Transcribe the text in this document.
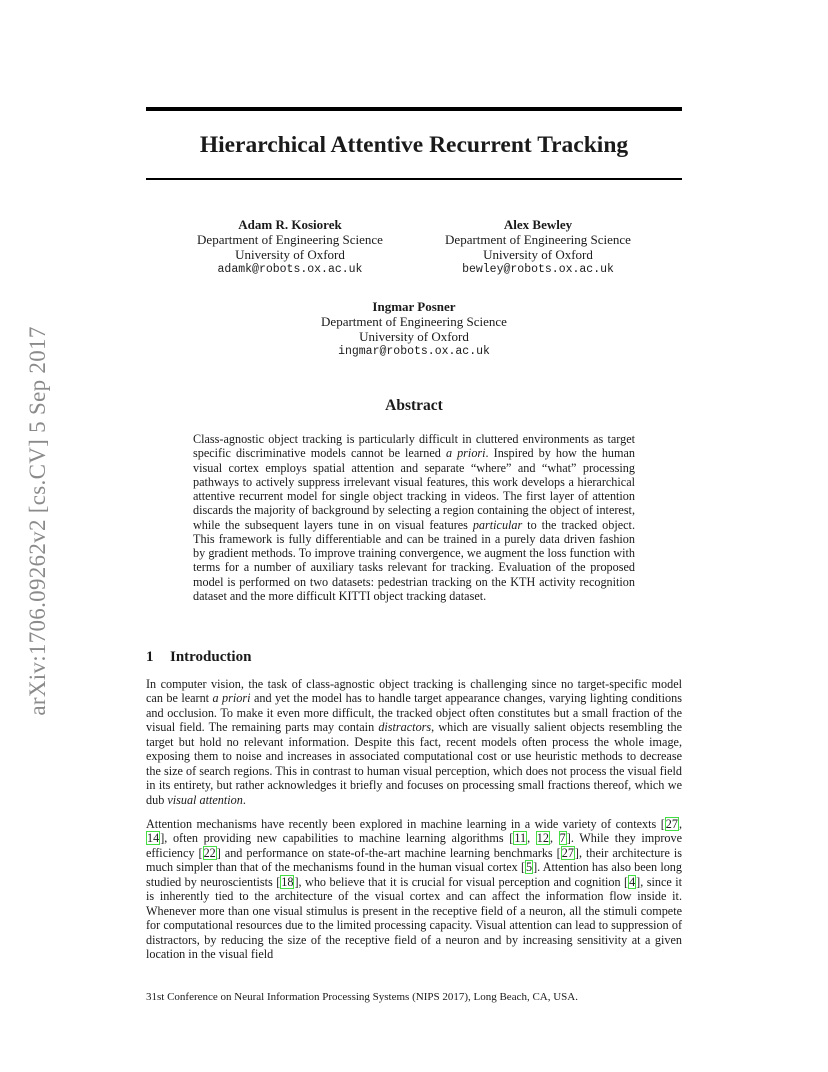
arXiv:1706.09262v2 [cs.CV] 5 Sep 2017
Hierarchical Attentive Recurrent Tracking
Adam R. Kosiorek
Department of Engineering Science
University of Oxford
adamk@robots.ox.ac.uk
Alex Bewley
Department of Engineering Science
University of Oxford
bewley@robots.ox.ac.uk
Ingmar Posner
Department of Engineering Science
University of Oxford
ingmar@robots.ox.ac.uk
Abstract

Class-agnostic object tracking is particularly difficult in cluttered environments as target specific discriminative models cannot be learned a priori. Inspired by how the human visual cortex employs spatial attention and separate “where” and “what” processing pathways to actively suppress irrelevant visual features, this work develops a hierarchical attentive recurrent model for single object tracking in videos. The first layer of attention discards the majority of background by selecting a region containing the object of interest, while the subsequent layers tune in on visual features particular to the tracked object. This framework is fully differentiable and can be trained in a purely data driven fashion by gradient methods. To improve training convergence, we augment the loss function with terms for a number of auxiliary tasks relevant for tracking. Evaluation of the proposed model is performed on two datasets: pedestrian tracking on the KTH activity recognition dataset and the more difficult KITTI object tracking dataset.

1 Introduction

In computer vision, the task of class-agnostic object tracking is challenging since no target-specific model can be learnt a priori and yet the model has to handle target appearance changes, varying lighting conditions and occlusion. To make it even more difficult, the tracked object often constitutes but a small fraction of the visual field. The remaining parts may contain distractors, which are visually salient objects resembling the target but hold no relevant information. Despite this fact, recent models often process the whole image, exposing them to noise and increases in associated computational cost or use heuristic methods to decrease the size of search regions. This in contrast to human visual perception, which does not process the visual field in its entirety, but rather acknowledges it briefly and focuses on processing small fractions thereof, which we dub visual attention.

Attention mechanisms have recently been explored in machine learning in a wide variety of contexts [27, 14], often providing new capabilities to machine learning algorithms [11, 12, 7]. While they improve efficiency [22] and performance on state-of-the-art machine learning benchmarks [27], their architecture is much simpler than that of the mechanisms found in the human visual cortex [5]. Attention has also been long studied by neuroscientists [18], who believe that it is crucial for visual perception and cognition [4], since it is inherently tied to the architecture of the visual cortex and can affect the information flow inside it. Whenever more than one visual stimulus is present in the receptive field of a neuron, all the stimuli compete for computational resources due to the limited processing capacity. Visual attention can lead to suppression of distractors, by reducing the size of the receptive field of a neuron and by increasing sensitivity at a given location in the visual field

31st Conference on Neural Information Processing Systems (NIPS 2017), Long Beach, CA, USA.
